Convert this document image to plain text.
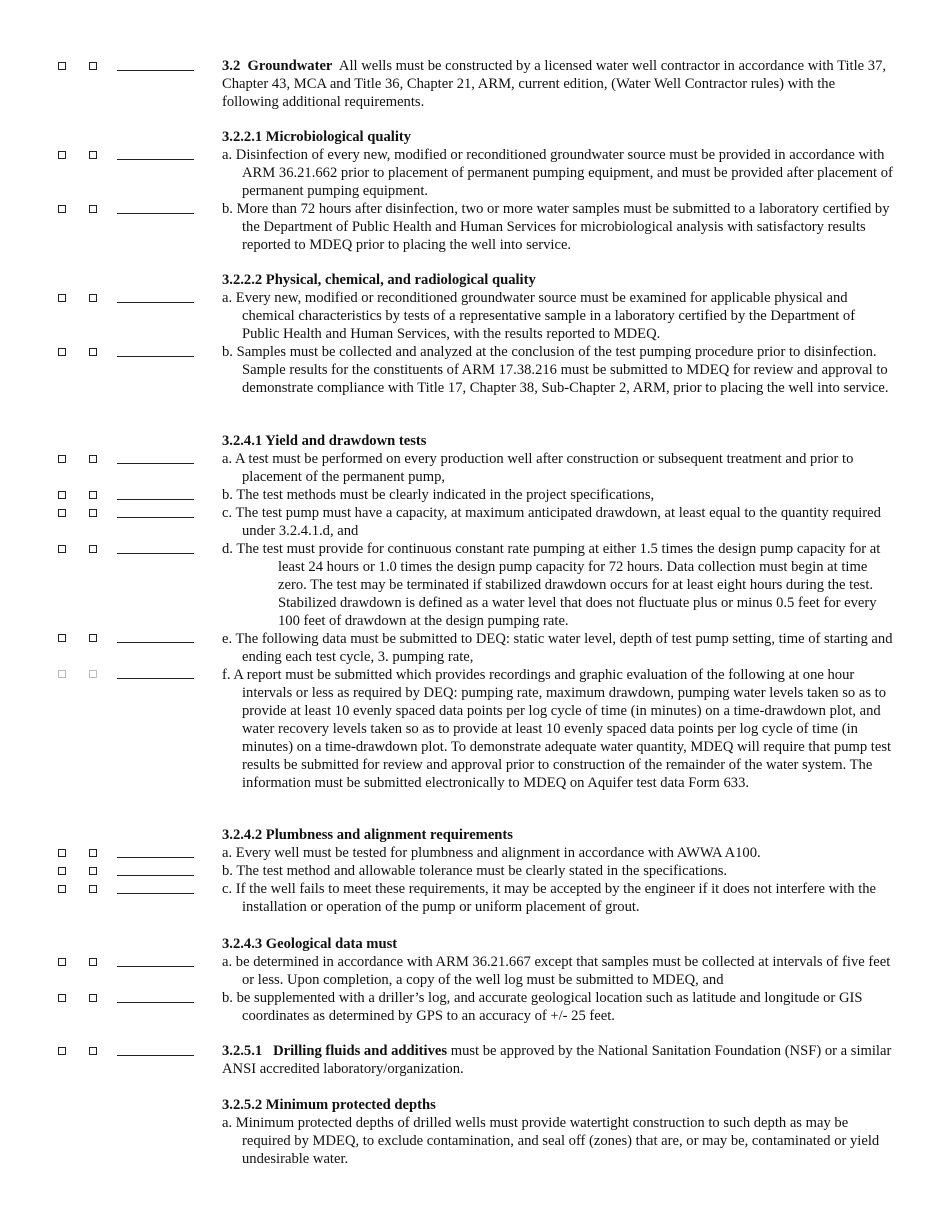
3.2 Groundwater All wells must be constructed by a licensed water well contractor in accordance with Title 37, Chapter 43, MCA and Title 36, Chapter 21, ARM, current edition, (Water Well Contractor rules) with the following additional requirements.

3.2.2.1 Microbiological quality

a. Disinfection of every new, modified or reconditioned groundwater source must be provided in accordance with ARM 36.21.662 prior to placement of permanent pumping equipment, and must be provided after placement of permanent pumping equipment.

b. More than 72 hours after disinfection, two or more water samples must be submitted to a laboratory certified by the Department of Public Health and Human Services for microbiological analysis with satisfactory results reported to MDEQ prior to placing the well into service.

3.2.2.2 Physical, chemical, and radiological quality

a. Every new, modified or reconditioned groundwater source must be examined for applicable physical and chemical characteristics by tests of a representative sample in a laboratory certified by the Department of Public Health and Human Services, with the results reported to MDEQ.

b. Samples must be collected and analyzed at the conclusion of the test pumping procedure prior to disinfection. Sample results for the constituents of ARM 17.38.216 must be submitted to MDEQ for review and approval to demonstrate compliance with Title 17, Chapter 38, Sub-Chapter 2, ARM, prior to placing the well into service.

3.2.4.1 Yield and drawdown tests

a. A test must be performed on every production well after construction or subsequent treatment and prior to placement of the permanent pump,

b. The test methods must be clearly indicated in the project specifications,

c. The test pump must have a capacity, at maximum anticipated drawdown, at least equal to the quantity required under 3.2.4.1.d, and

d. The test must provide for continuous constant rate pumping at either 1.5 times the design pump capacity for at least 24 hours or 1.0 times the design pump capacity for 72 hours. Data collection must begin at time zero. The test may be terminated if stabilized drawdown occurs for at least eight hours during the test. Stabilized drawdown is defined as a water level that does not fluctuate plus or minus 0.5 feet for every 100 feet of drawdown at the design pumping rate.

e. The following data must be submitted to DEQ: static water level, depth of test pump setting, time of starting and ending each test cycle, 3. pumping rate,

f. A report must be submitted which provides recordings and graphic evaluation of the following at one hour intervals or less as required by DEQ: pumping rate, maximum drawdown, pumping water levels taken so as to provide at least 10 evenly spaced data points per log cycle of time (in minutes) on a time-drawdown plot, and water recovery levels taken so as to provide at least 10 evenly spaced data points per log cycle of time (in minutes) on a time-drawdown plot. To demonstrate adequate water quantity, MDEQ will require that pump test results be submitted for review and approval prior to construction of the remainder of the water system. The information must be submitted electronically to MDEQ on Aquifer test data Form 633.

3.2.4.2 Plumbness and alignment requirements

a. Every well must be tested for plumbness and alignment in accordance with AWWA A100.

b. The test method and allowable tolerance must be clearly stated in the specifications.

c. If the well fails to meet these requirements, it may be accepted by the engineer if it does not interfere with the installation or operation of the pump or uniform placement of grout.

3.2.4.3 Geological data must

a. be determined in accordance with ARM 36.21.667 except that samples must be collected at intervals of five feet or less. Upon completion, a copy of the well log must be submitted to MDEQ, and

b. be supplemented with a driller’s log, and accurate geological location such as latitude and longitude or GIS coordinates as determined by GPS to an accuracy of +/- 25 feet.

3.2.5.1 Drilling fluids and additives must be approved by the National Sanitation Foundation (NSF) or a similar ANSI accredited laboratory/organization.

3.2.5.2 Minimum protected depths

a. Minimum protected depths of drilled wells must provide watertight construction to such depth as may be required by MDEQ, to exclude contamination, and seal off (zones) that are, or may be, contaminated or yield undesirable water.
